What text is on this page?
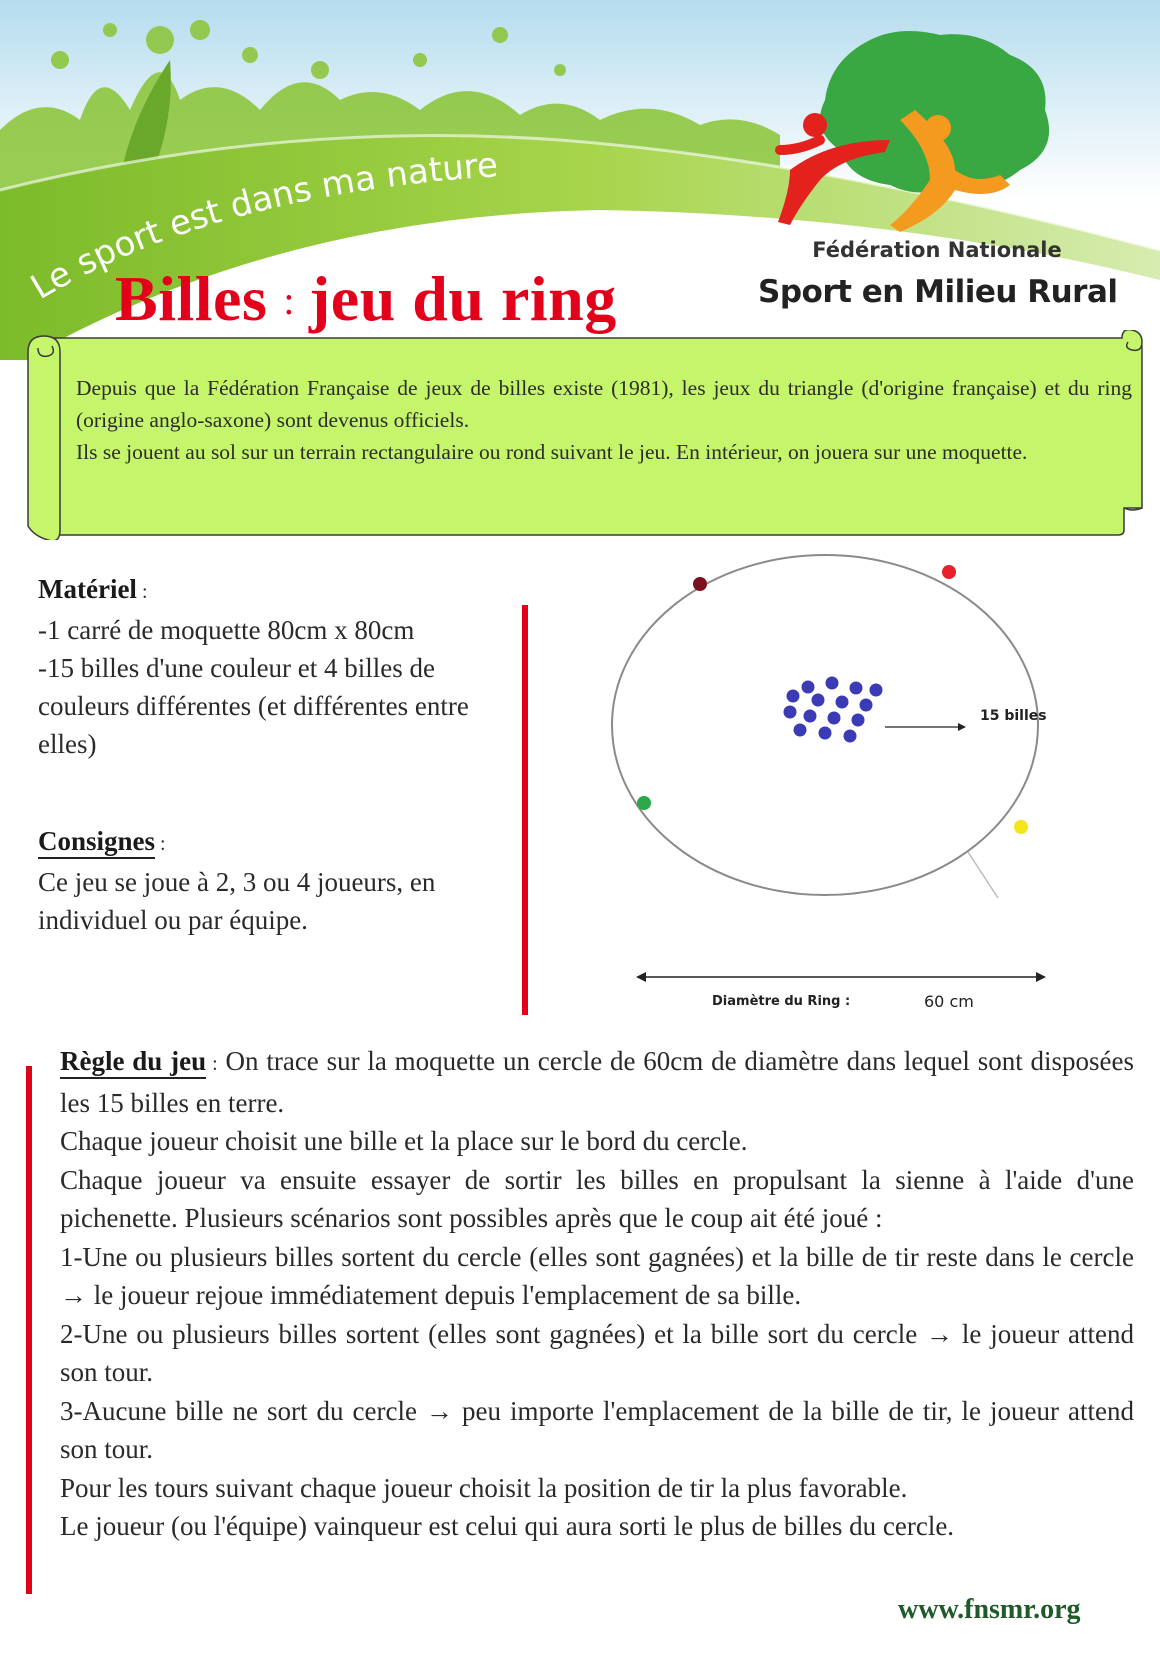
Le sport est dans ma nature
Fédération Nationale
Sport en Milieu Rural
Billes : jeu du ring

Depuis que la Fédération Française de jeux de billes existe (1981), les jeux du triangle (d'origine française) et du ring (origine anglo-saxone) sont devenus officiels.

Ils se jouent au sol sur un terrain rectangulaire ou rond suivant le jeu. En intérieur, on jouera sur une moquette.

Matériel :

-1 carré de moquette 80cm x 80cm

-15 billes d'une couleur et 4 billes de couleurs différentes (et différentes entre elles)

Consignes :

Ce jeu se joue à 2, 3 ou 4 joueurs, en individuel ou par équipe.

15 billes
Diamètre du Ring :	60 cm

Règle du jeu : On trace sur la moquette un cercle de 60cm de diamètre dans lequel sont disposées les 15 billes en terre.

Chaque joueur choisit une bille et la place sur le bord du cercle.

Chaque joueur va ensuite essayer de sortir les billes en propulsant la sienne à l'aide d'une pichenette. Plusieurs scénarios sont possibles après que le coup ait été joué :

1-Une ou plusieurs billes sortent du cercle (elles sont gagnées) et la bille de tir reste dans le cercle → le joueur rejoue immédiatement depuis l'emplacement de sa bille.

2-Une ou plusieurs billes sortent (elles sont gagnées) et la bille sort du cercle → le joueur attend son tour.

3-Aucune bille ne sort du cercle → peu importe l'emplacement de la bille de tir, le joueur attend son tour.

Pour les tours suivant chaque joueur choisit la position de tir la plus favorable.

Le joueur (ou l'équipe) vainqueur est celui qui aura sorti le plus de billes du cercle.

www.fnsmr.org
